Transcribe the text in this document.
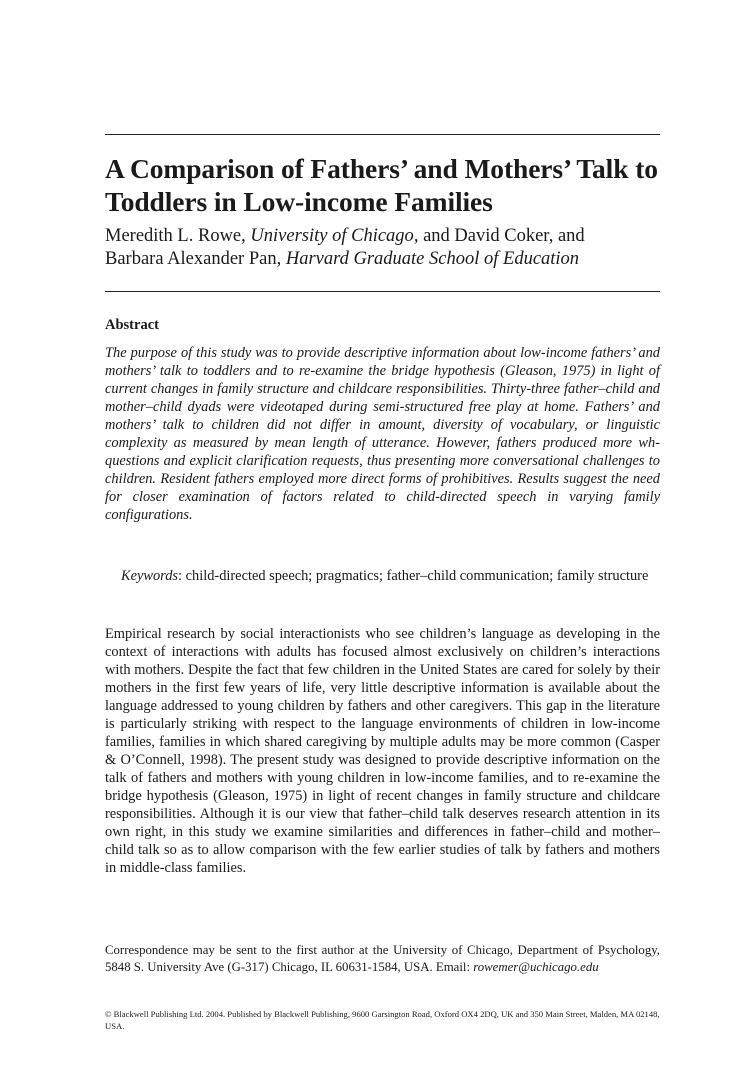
A Comparison of Fathers’ and Mothers’ Talk to Toddlers in Low-income Families
Meredith L. Rowe, University of Chicago, and David Coker, and
Barbara Alexander Pan, Harvard Graduate School of Education
Abstract

The purpose of this study was to provide descriptive information about low-income fathers’ and mothers’ talk to toddlers and to re-examine the bridge hypothesis (Gleason, 1975) in light of current changes in family structure and childcare responsibilities. Thirty-three father–child and mother–child dyads were videotaped during semi-structured free play at home. Fathers’ and mothers’ talk to children did not differ in amount, diversity of vocabulary, or linguistic complexity as measured by mean length of utterance. However, fathers produced more wh-questions and explicit clarification requests, thus presenting more conversational challenges to children. Resident fathers employed more direct forms of prohibitives. Results suggest the need for closer examination of factors related to child-directed speech in varying family configurations.

Keywords: child-directed speech; pragmatics; father–child communication; family structure

Empirical research by social interactionists who see children’s language as developing in the context of interactions with adults has focused almost exclusively on children’s interactions with mothers. Despite the fact that few children in the United States are cared for solely by their mothers in the first few years of life, very little descriptive information is available about the language addressed to young children by fathers and other caregivers. This gap in the literature is particularly striking with respect to the language environments of children in low-income families, families in which shared caregiving by multiple adults may be more common (Casper & O’Connell, 1998). The present study was designed to provide descriptive information on the talk of fathers and mothers with young children in low-income families, and to re-examine the bridge hypothesis (Gleason, 1975) in light of recent changes in family structure and childcare responsibilities. Although it is our view that father–child talk deserves research attention in its own right, in this study we examine similarities and differences in father–child and mother–child talk so as to allow comparison with the few earlier studies of talk by fathers and mothers in middle-class families.

Correspondence may be sent to the first author at the University of Chicago, Department of Psychology, 5848 S. University Ave (G-317) Chicago, IL 60631-1584, USA. Email: rowemer@uchicago.edu

© Blackwell Publishing Ltd. 2004. Published by Blackwell Publishing, 9600 Garsington Road, Oxford OX4 2DQ, UK and 350 Main Street, Malden, MA 02148, USA.
